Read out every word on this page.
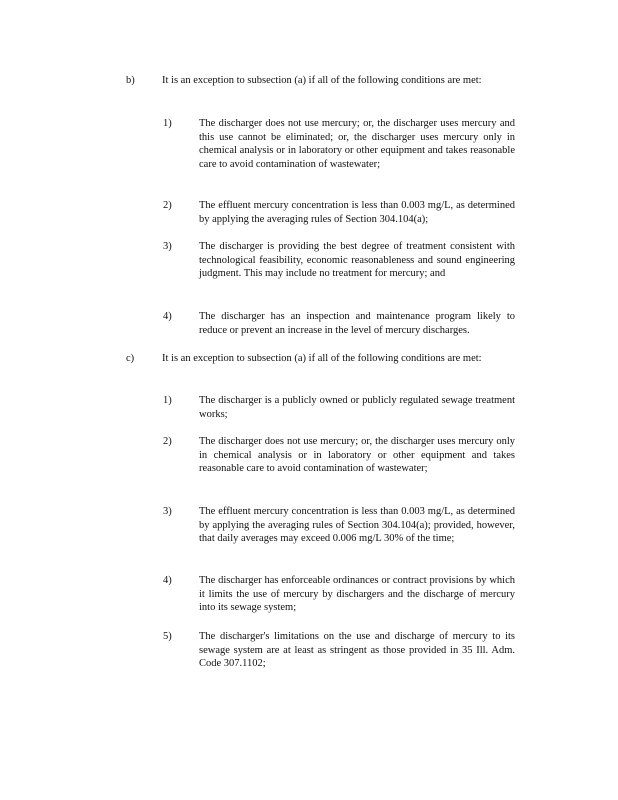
b)	It is an exception to subsection (a) if all of the following conditions are met:
1)	The discharger does not use mercury; or, the discharger uses mercury and this use cannot be eliminated; or, the discharger uses mercury only in chemical analysis or in laboratory or other equipment and takes reasonable care to avoid contamination of wastewater;
2)	The effluent mercury concentration is less than 0.003 mg/L, as determined by applying the averaging rules of Section 304.104(a);
3)	The discharger is providing the best degree of treatment consistent with technological feasibility, economic reasonableness and sound engineering judgment. This may include no treatment for mercury; and
4)	The discharger has an inspection and maintenance program likely to reduce or prevent an increase in the level of mercury discharges.
c)	It is an exception to subsection (a) if all of the following conditions are met:
1)	The discharger is a publicly owned or publicly regulated sewage treatment works;
2)	The discharger does not use mercury; or, the discharger uses mercury only in chemical analysis or in laboratory or other equipment and takes reasonable care to avoid contamination of wastewater;
3)	The effluent mercury concentration is less than 0.003 mg/L, as determined by applying the averaging rules of Section 304.104(a); provided, however, that daily averages may exceed 0.006 mg/L 30% of the time;
4)	The discharger has enforceable ordinances or contract provisions by which it limits the use of mercury by dischargers and the discharge of mercury into its sewage system;
5)	The discharger's limitations on the use and discharge of mercury to its sewage system are at least as stringent as those provided in 35 Ill. Adm. Code 307.1102;
